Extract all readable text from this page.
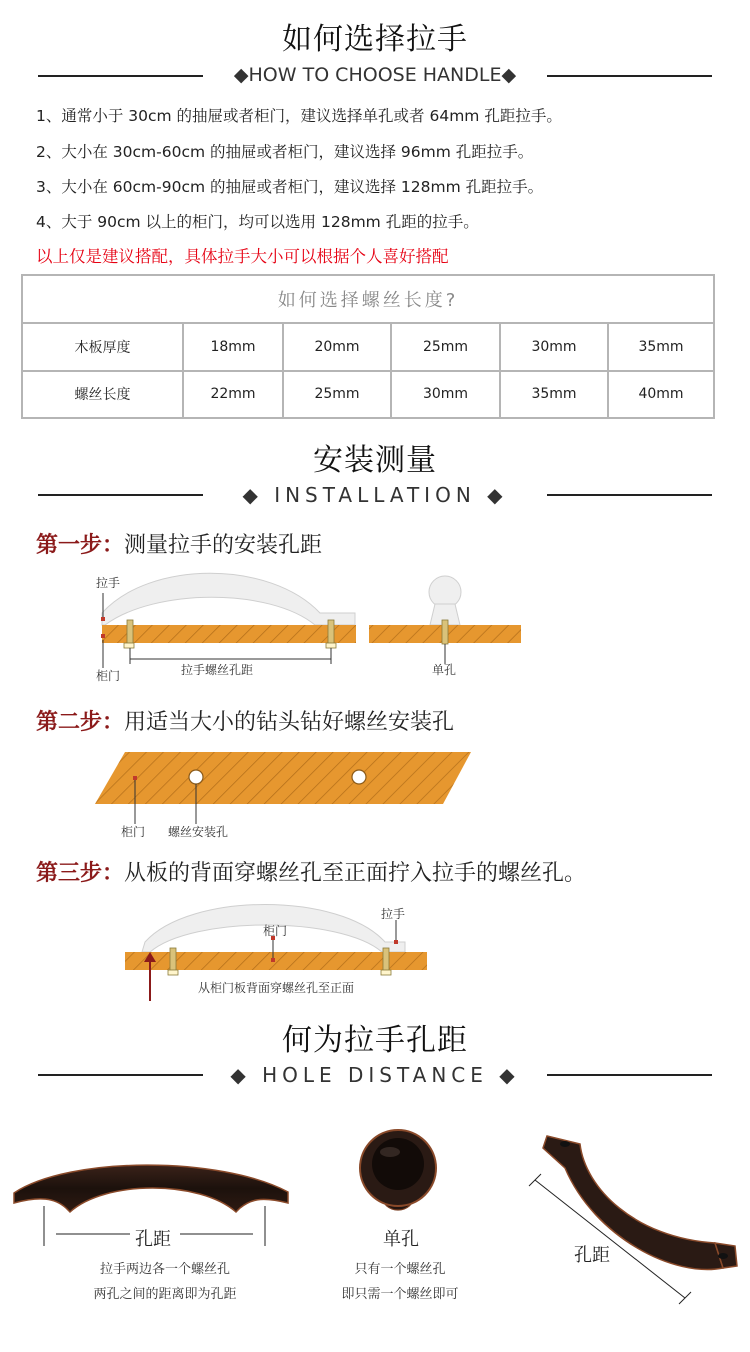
如何选择拉手
◆HOW TO CHOOSE HANDLE◆
1、通常小于 30cm 的抽屉或者柜门，建议选择单孔或者 64mm 孔距拉手。
2、大小在 30cm-60cm 的抽屉或者柜门，建议选择 96mm 孔距拉手。
3、大小在 60cm-90cm 的抽屉或者柜门，建议选择 128mm 孔距拉手。
4、大于 90cm 以上的柜门，均可以选用 128mm 孔距的拉手。
以上仅是建议搭配，具体拉手大小可以根据个人喜好搭配
如何选择螺丝长度?					
木板厚度	18mm	20mm	25mm	30mm	35mm
螺丝长度	22mm	25mm	30mm	35mm	40mm
安装测量
◆ INSTALLATION ◆
第一步：测量拉手的安装孔距
拉手
柜门	拉手螺丝孔距	单孔
第二步：用适当大小的钻头钻好螺丝安装孔
柜门 螺丝安装孔
第三步：从板的背面穿螺丝孔至正面拧入拉手的螺丝孔。
拉手
柜门
从柜门板背面穿螺丝孔至正面
何为拉手孔距
◆ HOLE DISTANCE ◆
孔距
拉手两边各一个螺丝孔
两孔之间的距离即为孔距
单孔
只有一个螺丝孔
即只需一个螺丝即可
孔距
